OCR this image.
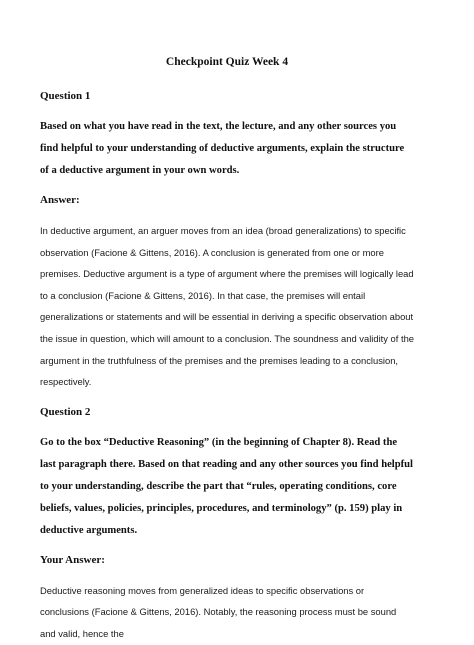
Checkpoint Quiz Week 4
Question 1
Based on what you have read in the text, the lecture, and any other sources you find helpful to your understanding of deductive arguments, explain the structure of a deductive argument in your own words.
Answer:
In deductive argument, an arguer moves from an idea (broad generalizations) to specific observation (Facione & Gittens, 2016). A conclusion is generated from one or more premises. Deductive argument is a type of argument where the premises will logically lead to a conclusion (Facione & Gittens, 2016). In that case, the premises will entail generalizations or statements and will be essential in deriving a specific observation about the issue in question, which will amount to a conclusion. The soundness and validity of the argument in the truthfulness of the premises and the premises leading to a conclusion, respectively.
Question 2
Go to the box “Deductive Reasoning” (in the beginning of Chapter 8). Read the last paragraph there. Based on that reading and any other sources you find helpful to your understanding, describe the part that “rules, operating conditions, core beliefs, values, policies, principles, procedures, and terminology” (p. 159) play in deductive arguments.
Your Answer:
Deductive reasoning moves from generalized ideas to specific observations or conclusions (Facione & Gittens, 2016). Notably, the reasoning process must be sound and valid, hence the
